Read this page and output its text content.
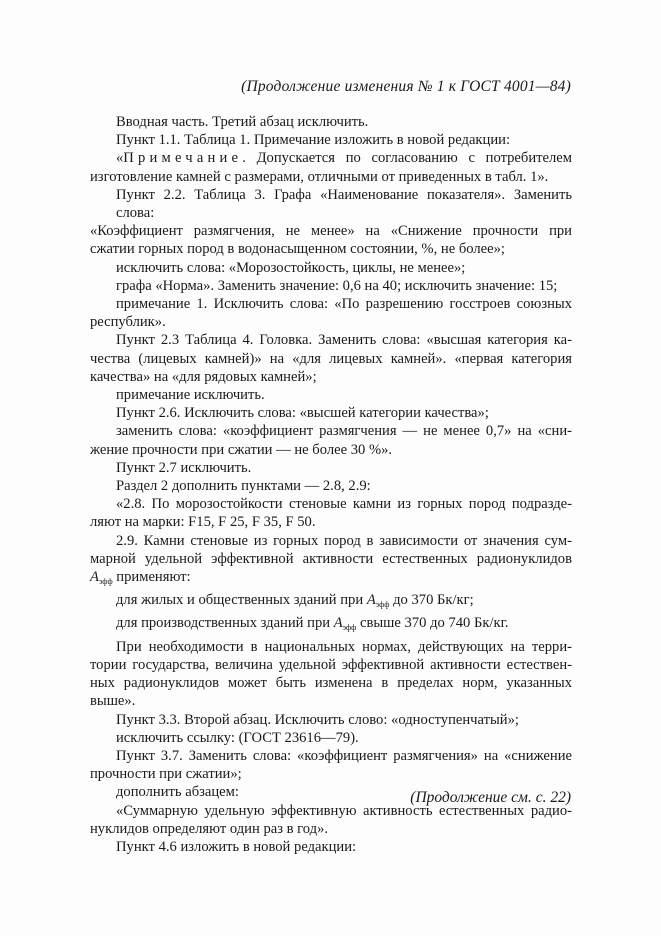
(Продолжение изменения № 1 к ГОСТ 4001—84)
Вводная часть. Третий абзац исключить.
Пункт 1.1. Таблица 1. Примечание изложить в новой редакции:
«Примечание. Допускается по согласованию с потребителем
изготовление камней с размерами, отличными от приведенных в табл. 1».
Пункт 2.2. Таблица 3. Графа «Наименование показателя». Заменить слова:
«Коэффициент размягчения, не менее» на «Снижение прочности при
сжатии горных пород в водонасыщенном состоянии, %, не более»;
исключить слова: «Морозостойкость, циклы, не менее»;
графа «Норма». Заменить значение: 0,6 на 40; исключить значение: 15;
примечание 1. Исключить слова: «По разрешению госстроев союзных
республик».
Пункт 2.3 Таблица 4. Головка. Заменить слова: «высшая категория ка-
чества (лицевых камней)» на «для лицевых камней». «первая категория
качества» на «для рядовых камней»;
примечание исключить.
Пункт 2.6. Исключить слова: «высшей категории качества»;
заменить слова: «коэффициент размягчения — не менее 0,7» на «сни-
жение прочности при сжатии — не более 30 %».
Пункт 2.7 исключить.
Раздел 2 дополнить пунктами — 2.8, 2.9:
«2.8. По морозостойкости стеновые камни из горных пород подразде-
ляют на марки: F15, F 25, F 35, F 50.
2.9. Камни стеновые из горных пород в зависимости от значения сум-
марной удельной эффективной активности естественных радионуклидов
$A_{эфф}$ применяют:
для жилых и общественных зданий при $A_{эфф}$ до 370 Бк/кг;
для производственных зданий при $A_{эфф}$ свыше 370 до 740 Бк/кг.
При необходимости в национальных нормах, действующих на терри-
тории государства, величина удельной эффективной активности естествен-
ных радионуклидов может быть изменена в пределах норм, указанных
выше».
Пункт 3.3. Второй абзац. Исключить слово: «одноступенчатый»;
исключить ссылку: (ГОСТ 23616—79).
Пункт 3.7. Заменить слова: «коэффициент размягчения» на «снижение
прочности при сжатии»;
дополнить абзацем:
«Суммарную удельную эффективную активность естественных радио-
нуклидов определяют один раз в год».
Пункт 4.6 изложить в новой редакции:
(Продолжение см. с. 22)
